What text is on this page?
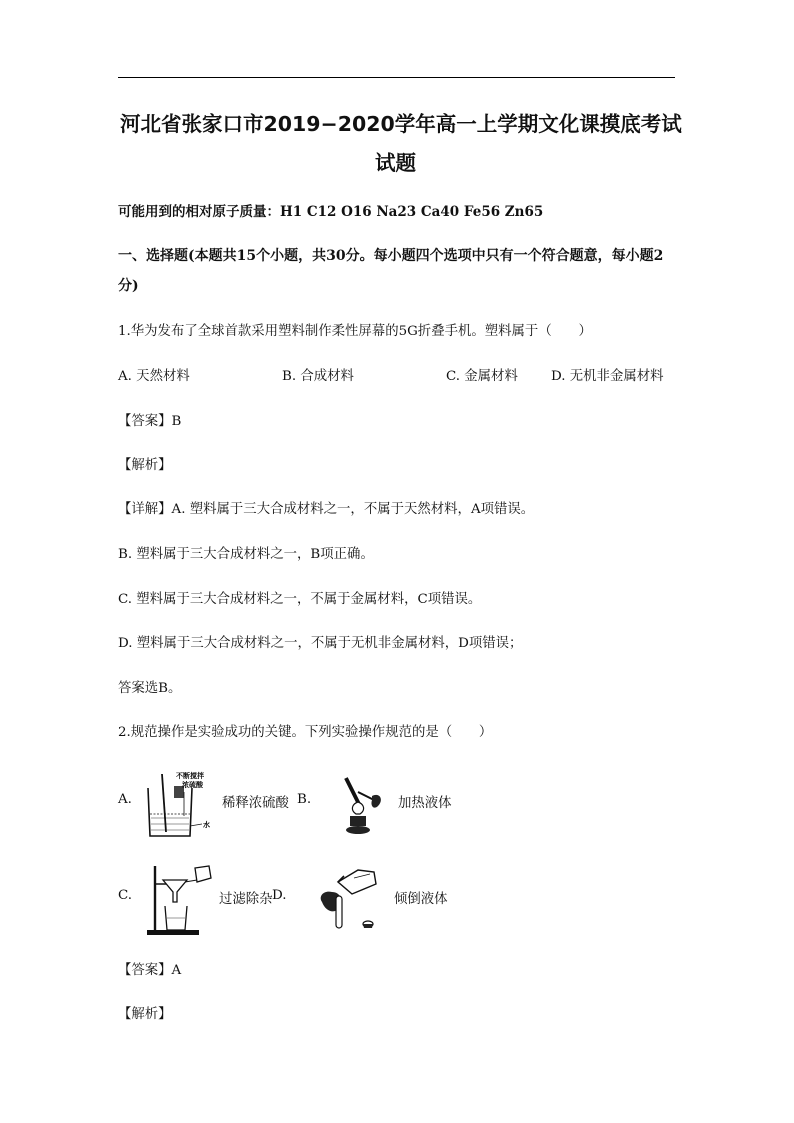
河北省张家口市2019−2020学年高一上学期文化课摸底考试
试题
可能用到的相对原子质量：H1 C12 O16 Na23 Ca40 Fe56 Zn65
一、选择题(本题共15个小题，共30分。每小题四个选项中只有一个符合题意，每小题2
分)
1.华为发布了全球首款采用塑料制作柔性屏幕的5G折叠手机。塑料属于（　　）
A. 天然材料	B. 合成材料	C. 金属材料 D. 无机非金属材料
【答案】B
【解析】
【详解】A. 塑料属于三大合成材料之一，不属于天然材料，A项错误。
B. 塑料属于三大合成材料之一，B项正确。
C. 塑料属于三大合成材料之一，不属于金属材料，C项错误。
D. 塑料属于三大合成材料之一，不属于无机非金属材料，D项错误；
答案选B。
2.规范操作是实验成功的关键。下列实验操作规范的是（　　）
A.
不断搅拌
浓硫酸
水
稀释浓硫酸 B.	加热液体
C.	过滤除杂 D.	倾倒液体
【答案】A
【解析】
